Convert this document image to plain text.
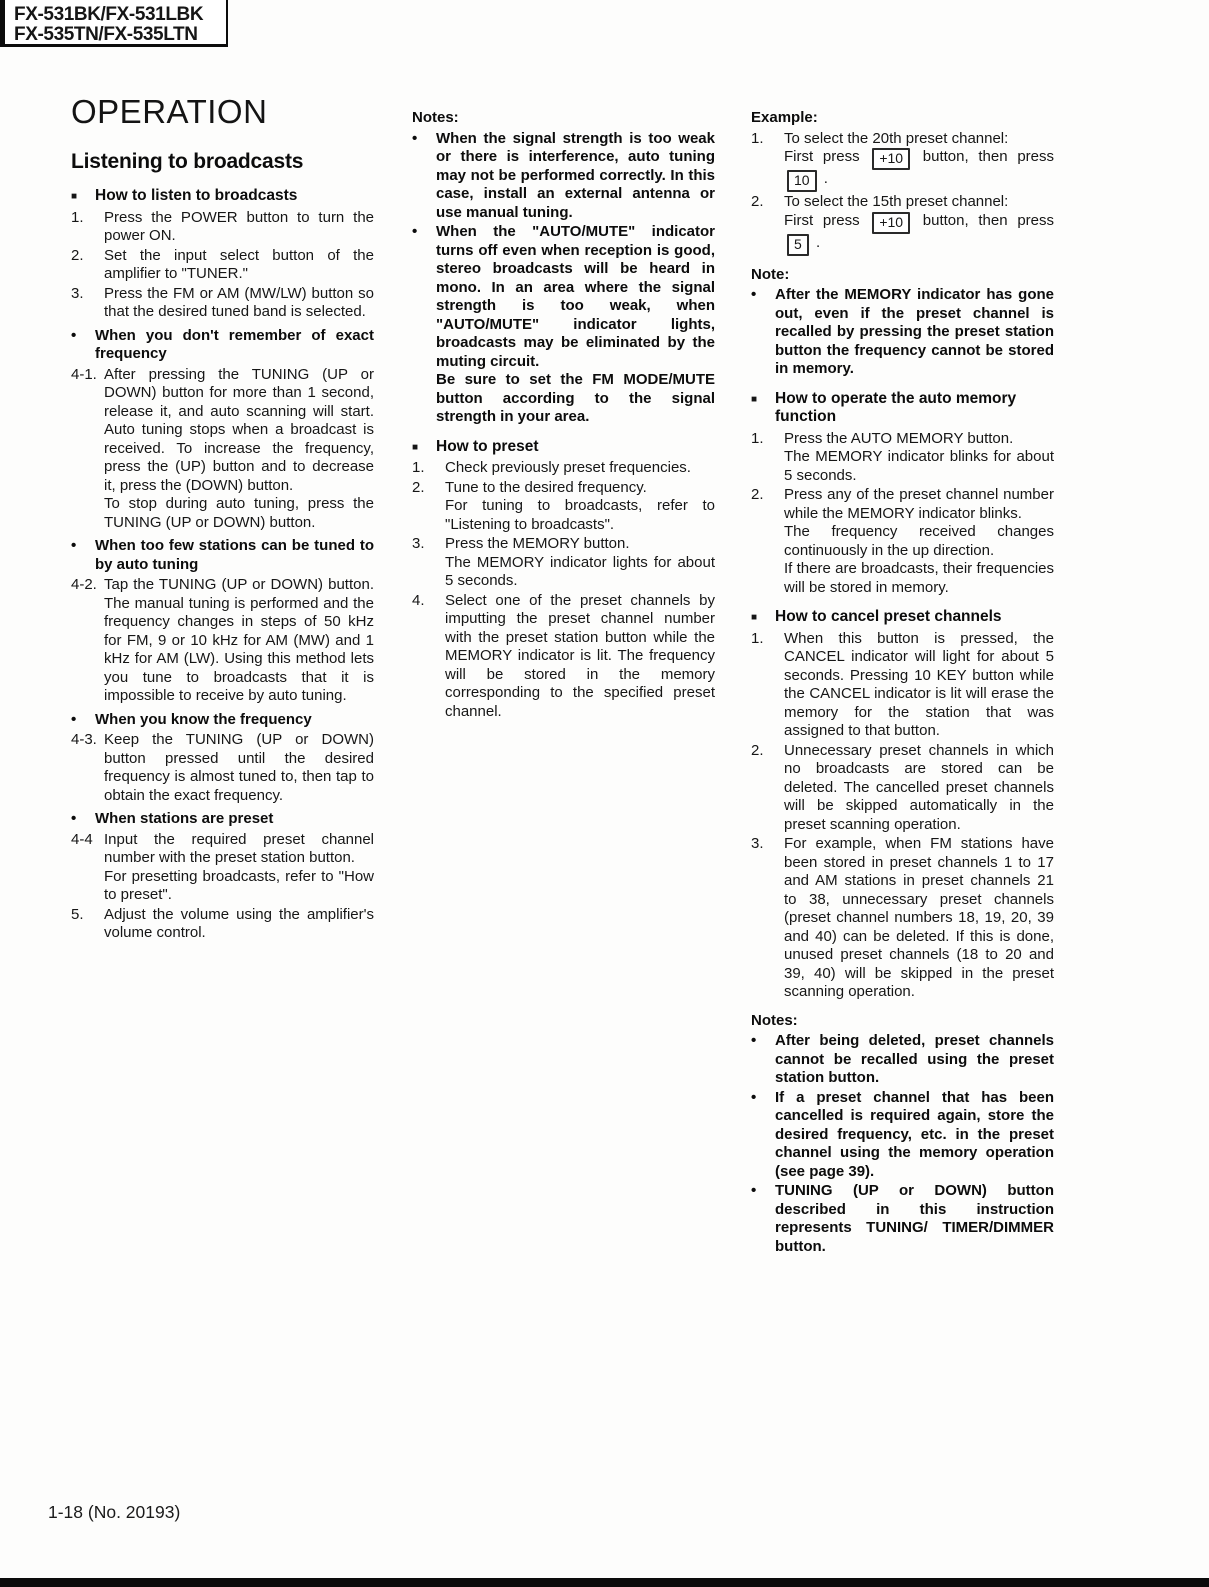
FX-531BK/FX-531LBK
FX-535TN/FX-535LTN
OPERATION
Listening to broadcasts
■ How to listen to broadcasts

1. Press the POWER button to turn the power ON.

2. Set the input select button of the amplifier to "TUNER."

3. Press the FM or AM (MW/LW) button so that the desired tuned band is selected.

• When you don't remember of exact frequency

4-1. After pressing the TUNING (UP or DOWN) button for more than 1 second, release it, and auto scanning will start. Auto tuning stops when a broadcast is received. To increase the frequency, press the (UP) button and to decrease it, press the (DOWN) button.

To stop during auto tuning, press the TUNING (UP or DOWN) button.

• When too few stations can be tuned to by auto tuning

4-2. Tap the TUNING (UP or DOWN) button. The manual tuning is performed and the frequency changes in steps of 50 kHz for FM, 9 or 10 kHz for AM (MW) and 1 kHz for AM (LW). Using this method lets you tune to broadcasts that it is impossible to receive by auto tuning.

• When you know the frequency

4-3. Keep the TUNING (UP or DOWN) button pressed until the desired frequency is almost tuned to, then tap to obtain the exact frequency.

• When stations are preset

4-4 Input the required preset channel number with the preset station button.

For presetting broadcasts, refer to "How to preset".

5. Adjust the volume using the amplifier's volume control.

Notes:
• When the signal strength is too weak or there is interference, auto tuning may not be performed correctly. In this case, install an external antenna or use manual tuning.

• When the "AUTO/MUTE" indicator turns off even when reception is good, stereo broadcasts will be heard in mono. In an area where the signal strength is too weak, when "AUTO/MUTE" indicator lights, broadcasts may be eliminated by the muting circuit.

Be sure to set the FM MODE/MUTE button according to the signal strength in your area.

■ How to preset

1. Check previously preset frequencies.

2. Tune to the desired frequency.

For tuning to broadcasts, refer to "Listening to broadcasts".

3. Press the MEMORY button.

The MEMORY indicator lights for about 5 seconds.

4. Select one of the preset channels by imputting the preset channel number with the preset station button while the MEMORY indicator is lit. The frequency will be stored in the memory corresponding to the specified preset channel.

Example:
1. To select the 20th preset channel:

First press +10 button, then press 10 .

2. To select the 15th preset channel:

First press +10 button, then press 5 .

Note:
• After the MEMORY indicator has gone out, even if the preset channel is recalled by pressing the preset station button the frequency cannot be stored in memory.

■ How to operate the auto memory function

1. Press the AUTO MEMORY button.

The MEMORY indicator blinks for about 5 seconds.

2. Press any of the preset channel number while the MEMORY indicator blinks.

The frequency received changes continuously in the up direction.

If there are broadcasts, their frequencies will be stored in memory.

■ How to cancel preset channels

1. When this button is pressed, the CANCEL indicator will light for about 5 seconds. Pressing 10 KEY button while the CANCEL indicator is lit will erase the memory for the station that was assigned to that button.

2. Unnecessary preset channels in which no broadcasts are stored can be deleted. The cancelled preset channels will be skipped automatically in the preset scanning operation.

3. For example, when FM stations have been stored in preset channels 1 to 17 and AM stations in preset channels 21 to 38, unnecessary preset channels (preset channel numbers 18, 19, 20, 39 and 40) can be deleted. If this is done, unused preset channels (18 to 20 and 39, 40) will be skipped in the preset scanning operation.

Notes:
• After being deleted, preset channels cannot be recalled using the preset station button.

• If a preset channel that has been cancelled is required again, store the desired frequency, etc. in the preset channel using the memory operation (see page 39).

• TUNING (UP or DOWN) button described in this instruction represents TUNING/ TIMER/DIMMER button.

1-18 (No. 20193)
